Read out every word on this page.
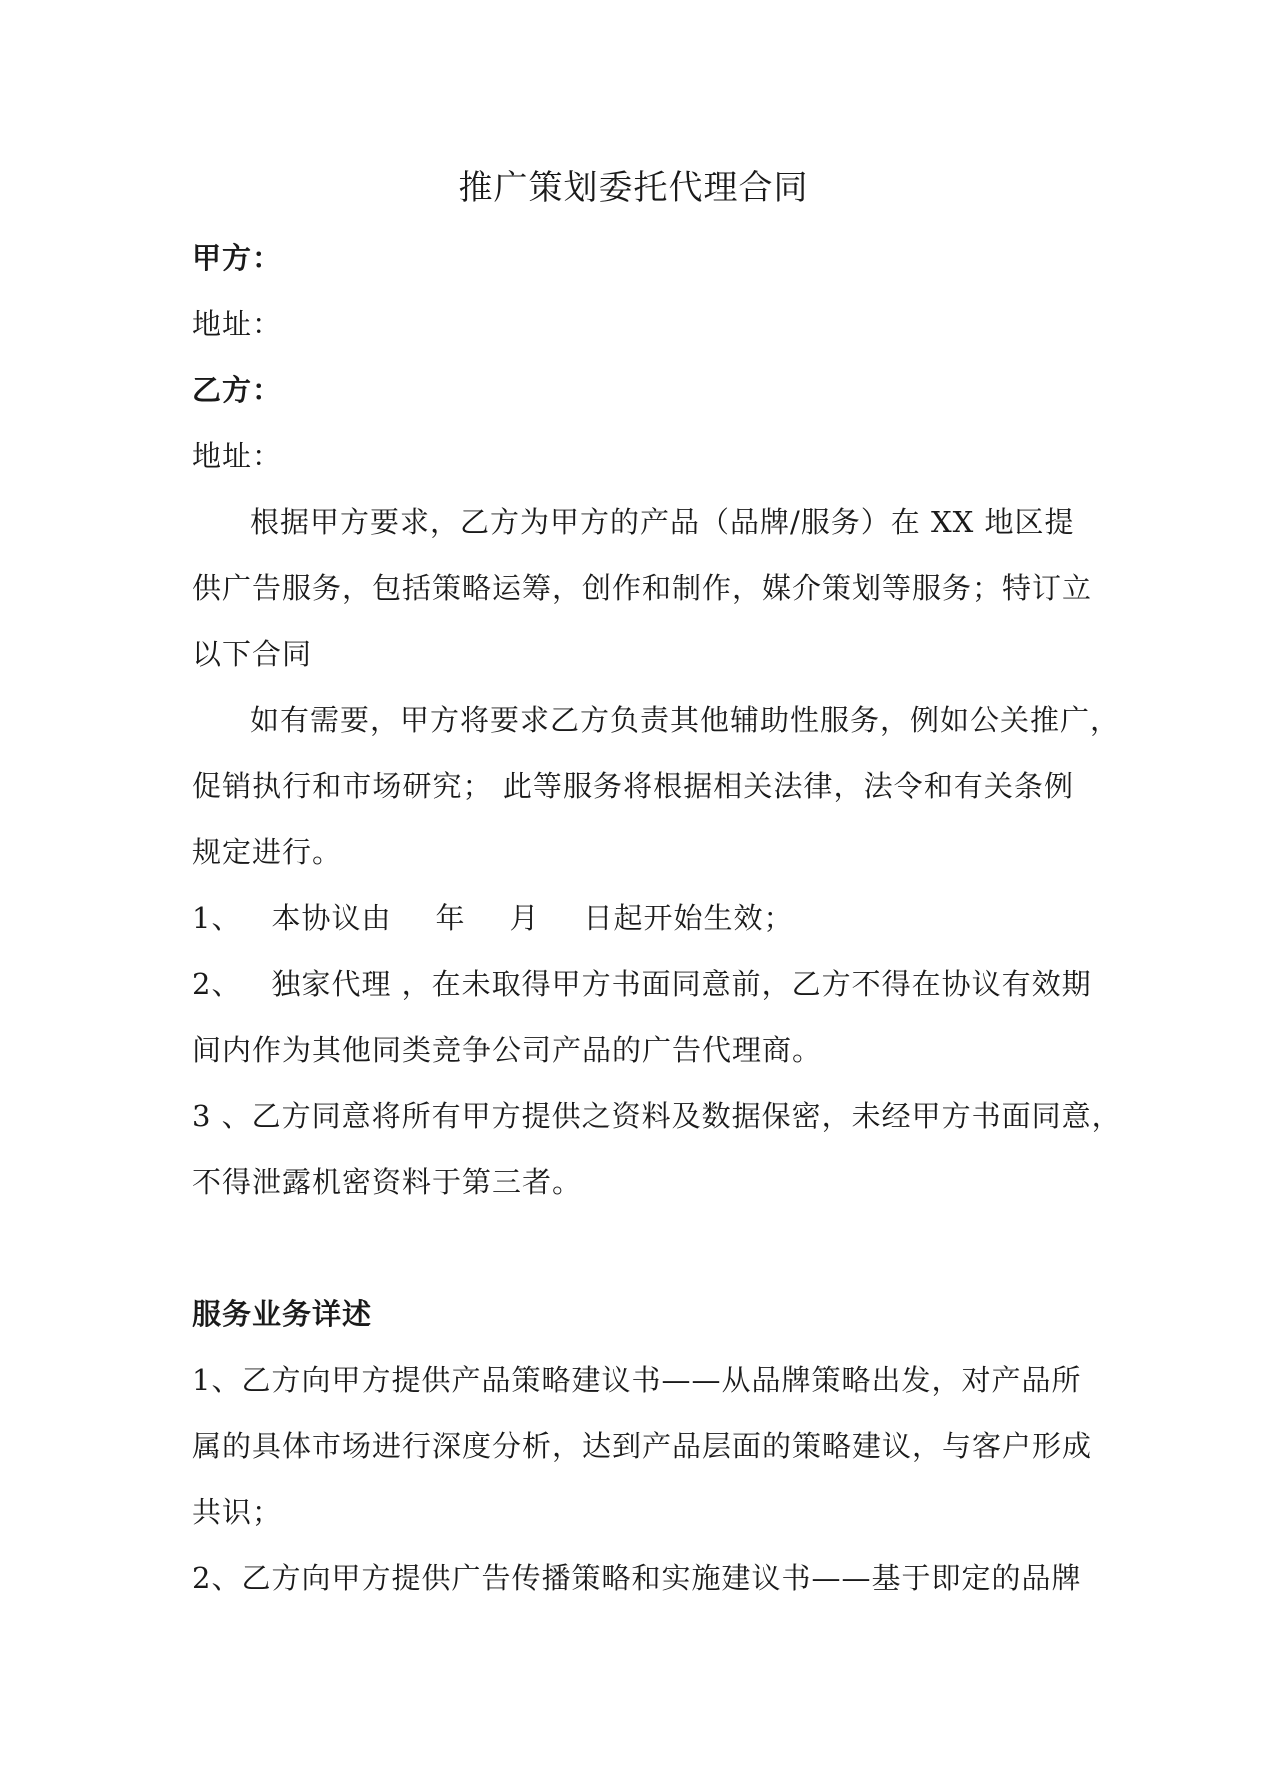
推广策划委托代理合同
甲方：
地址：
乙方：
地址：
根据甲方要求，乙方为甲方的产品（品牌/服务）在 XX 地区提
供广告服务，包括策略运筹，创作和制作，媒介策划等服务；特订立
以下合同
如有需要，甲方将要求乙方负责其他辅助性服务，例如公关推广，
促销执行和市场研究； 此等服务将根据相关法律，法令和有关条例
规定进行。
1、 本协议由 年 月 日起开始生效；
2、 独家代理 ，在未取得甲方书面同意前，乙方不得在协议有效期
间内作为其他同类竞争公司产品的广告代理商。
3 、乙方同意将所有甲方提供之资料及数据保密，未经甲方书面同意，
不得泄露机密资料于第三者。
服务业务详述
1、乙方向甲方提供产品策略建议书——从品牌策略出发，对产品所
属的具体市场进行深度分析，达到产品层面的策略建议，与客户形成
共识；
2、乙方向甲方提供广告传播策略和实施建议书——基于即定的品牌
